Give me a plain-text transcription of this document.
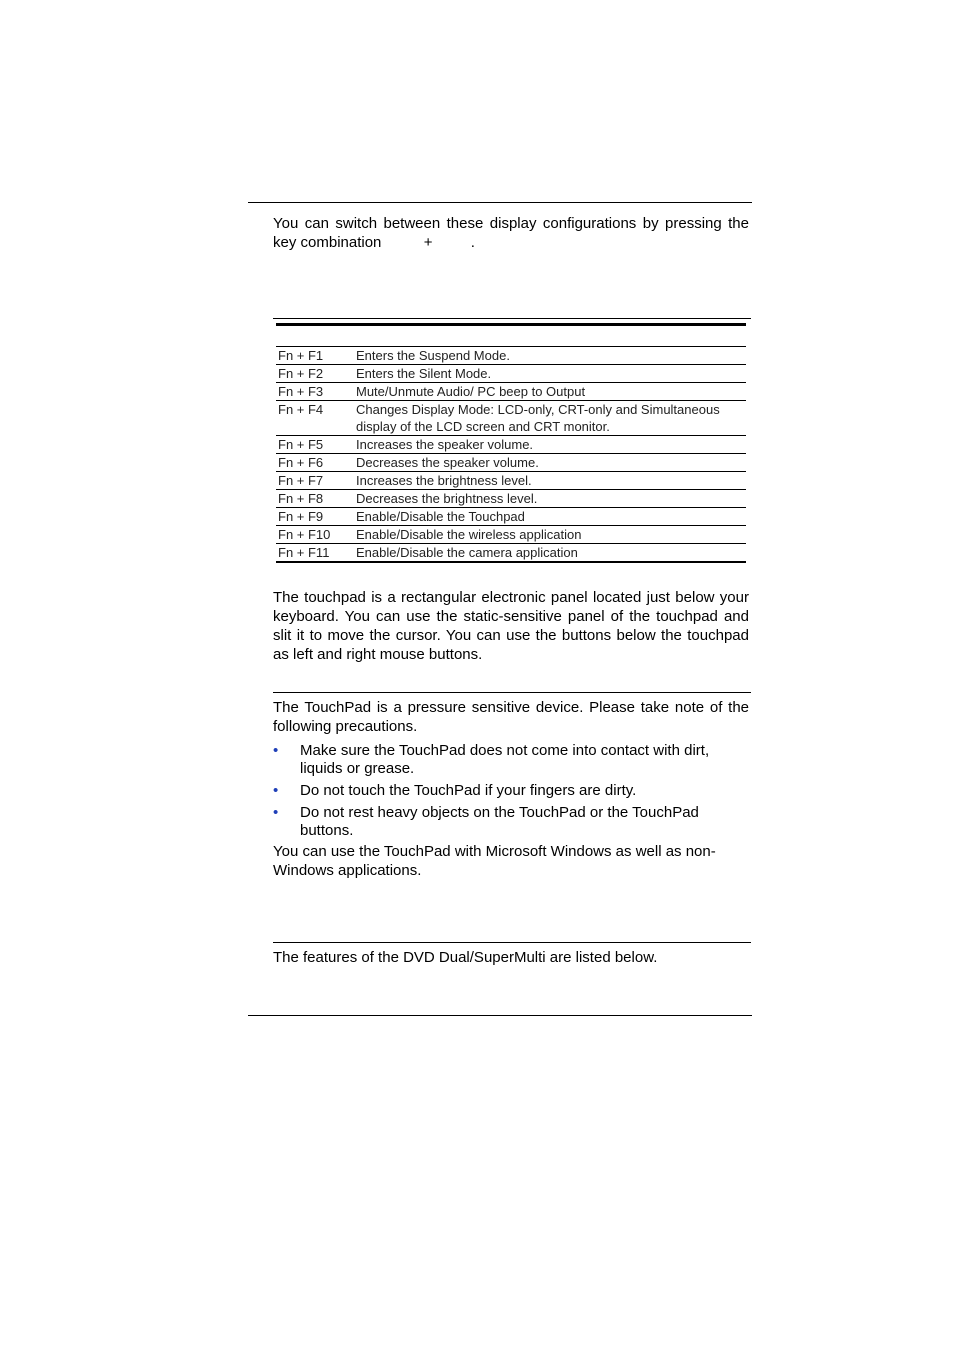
You can switch between these display configurations by pressing the key combination	+	.

Fn + F1	Enters the Suspend Mode.
Fn + F2	Enters the Silent Mode.
Fn + F3	Mute/Unmute Audio/ PC beep to Output
Fn + F4	Changes Display Mode: LCD-only, CRT-only and Simultaneous display of the LCD screen and CRT monitor.
Fn + F5	Increases the speaker volume.
Fn + F6	Decreases the speaker volume.
Fn + F7	Increases the brightness level.
Fn + F8	Decreases the brightness level.
Fn + F9	Enable/Disable the Touchpad
Fn + F10	Enable/Disable the wireless application
Fn + F11	Enable/Disable the camera application

The touchpad is a rectangular electronic panel located just below your keyboard. You can use the static-sensitive panel of the touchpad and slit it to move the cursor. You can use the buttons below the touchpad as left and right mouse buttons.

The TouchPad is a pressure sensitive device. Please take note of the following precautions.

• Make sure the TouchPad does not come into contact with dirt, liquids or grease.
• Do not touch the TouchPad if your fingers are dirty.
• Do not rest heavy objects on the TouchPad or the TouchPad buttons.

You can use the TouchPad with Microsoft Windows as well as non-Windows applications.

The features of the DVD Dual/SuperMulti are listed below.
